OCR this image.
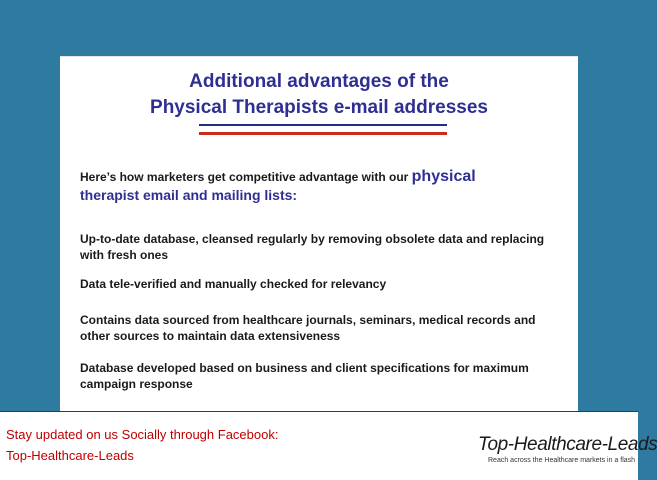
Additional advantages of the
Physical Therapists e-mail addresses
Here’s how marketers get competitive advantage with our physical
therapist email and mailing lists:
Up-to-date database, cleansed regularly by removing obsolete data and replacing with fresh ones
Data tele-verified and manually checked for relevancy
Contains data sourced from healthcare journals, seminars, medical records and other sources to maintain data extensiveness
Database developed based on business and client specifications for maximum campaign response
Stay updated on us Socially through Facebook:
Top-Healthcare-Leads
Top-Healthcare-Leads
Reach across the Healthcare markets in a flash
